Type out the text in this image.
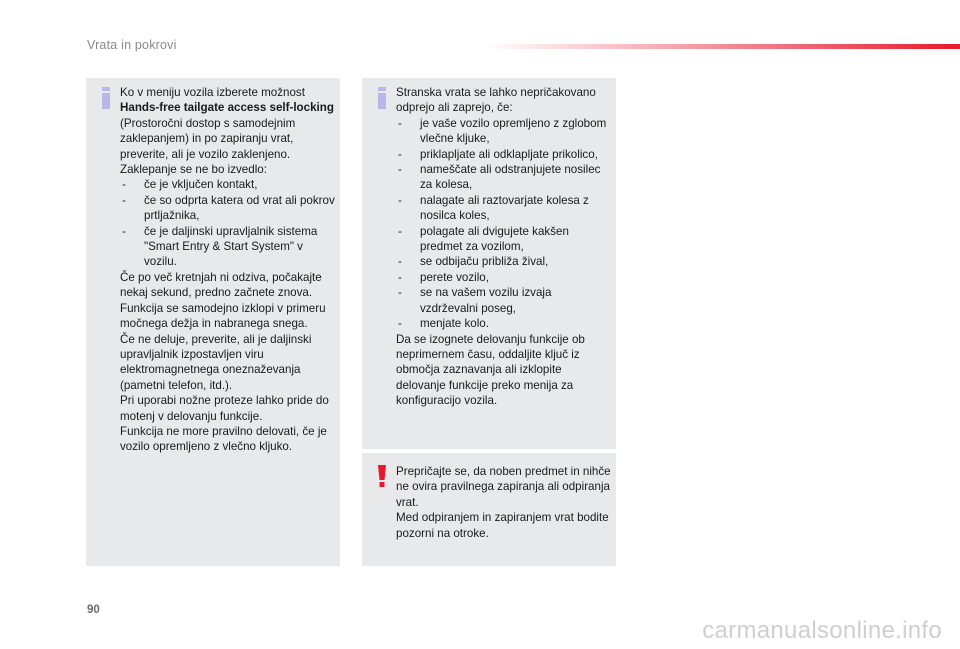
Vrata in pokrovi

Ko v meniju vozila izberete možnost Hands-free tailgate access self-locking (Prostoročni dostop s samodejnim zaklepanjem) in po zapiranju vrat, preverite, ali je vozilo zaklenjeno.

Zaklepanje se ne bo izvedlo:

- če je vključen kontakt,

- če so odprta katera od vrat ali pokrov prtljažnika,

- če je daljinski upravljalnik sistema "Smart Entry & Start System" v vozilu.

Če po več kretnjah ni odziva, počakajte nekaj sekund, predno začnete znova.

Funkcija se samodejno izklopi v primeru močnega dežja in nabranega snega.

Če ne deluje, preverite, ali je daljinski upravljalnik izpostavljen viru elektromagnetnega oneznaževanja (pametni telefon, itd.).

Pri uporabi nožne proteze lahko pride do motenj v delovanju funkcije.

Funkcija ne more pravilno delovati, če je vozilo opremljeno z vlečno kljuko.

Stranska vrata se lahko nepričakovano odprejo ali zaprejo, če:

- je vaše vozilo opremljeno z zglobom vlečne kljuke,

- priklapljate ali odklapljate prikolico,

- nameščate ali odstranjujete nosilec za kolesa,

- nalagate ali raztovarjate kolesa z nosilca koles,

- polagate ali dvigujete kakšen predmet za vozilom,

- se odbijaču približa žival,

- perete vozilo,

- se na vašem vozilu izvaja vzdrževalni poseg,

- menjate kolo.

Da se izognete delovanju funkcije ob neprimernem času, oddaljite ključ iz območja zaznavanja ali izklopite delovanje funkcije preko menija za konfiguracijo vozila.

Prepričajte se, da noben predmet in nihče ne ovira pravilnega zapiranja ali odpiranja vrat.

Med odpiranjem in zapiranjem vrat bodite pozorni na otroke.

90
carmanualsonline.info
